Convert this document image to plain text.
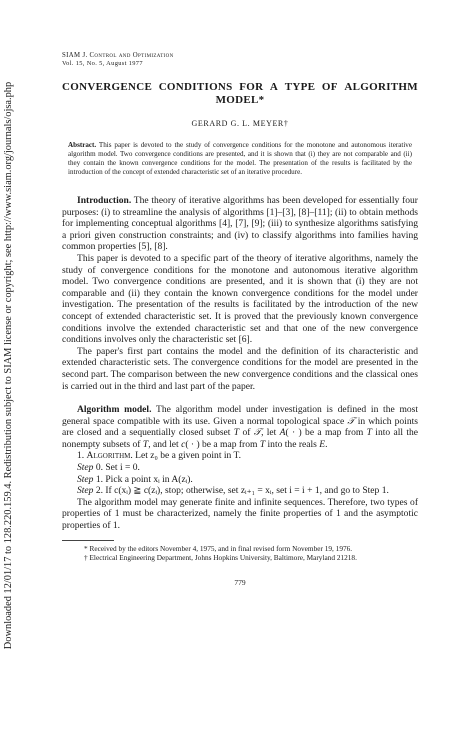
Downloaded 12/01/17 to 128.220.159.4. Redistribution subject to SIAM license or copyright; see http://www.siam.org/journals/ojsa.php
SIAM J. Control and Optimization
Vol. 15, No. 5, August 1977
CONVERGENCE CONDITIONS FOR A TYPE OF ALGORITHM
MODEL*
GERARD G. L. MEYER†
Abstract. This paper is devoted to the study of convergence conditions for the monotone and autonomous iterative algorithm model. Two convergence conditions are presented, and it is shown that (i) they are not comparable and (ii) they contain the known convergence conditions for the model. The presentation of the results is facilitated by the introduction of the concept of extended characteristic set of an iterative procedure.

Introduction. The theory of iterative algorithms has been developed for essentially four purposes: (i) to streamline the analysis of algorithms [1]–[3], [8]–[11]; (ii) to obtain methods for implementing conceptual algorithms [4], [7], [9]; (iii) to synthesize algorithms satisfying a priori given construction constraints; and (iv) to classify algorithms into families having common properties [5], [8].

This paper is devoted to a specific part of the theory of iterative algorithms, namely the study of convergence conditions for the monotone and autonomous iterative algorithm model. Two convergence conditions are presented, and it is shown that (i) they are not comparable and (ii) they contain the known convergence conditions for the model under investigation. The presentation of the results is facilitated by the introduction of the new concept of extended characteristic set. It is proved that the previously known convergence conditions involve the extended characteristic set and that one of the new convergence conditions involves only the characteristic set [6].

The paper's first part contains the model and the definition of its characteristic and extended characteristic sets. The convergence conditions for the model are presented in the second part. The comparison between the new convergence conditions and the classical ones is carried out in the third and last part of the paper.

Algorithm model. The algorithm model under investigation is defined in the most general space compatible with its use. Given a normal topological space 𝒯 in which points are closed and a sequentially closed subset T of 𝒯, let A( · ) be a map from T into all the nonempty subsets of T, and let c( · ) be a map from T into the reals E.

1. Algorithm. Let z₀ be a given point in T.

Step 0. Set i = 0.

Step 1. Pick a point xᵢ in A(zᵢ).

Step 2. If c(xᵢ) ≧ c(zᵢ), stop; otherwise, set zᵢ₊₁ = xᵢ, set i = i + 1, and go to Step 1.

The algorithm model may generate finite and infinite sequences. Therefore, two types of properties of 1 must be characterized, namely the finite properties of 1 and the asymptotic properties of 1.

* Received by the editors November 4, 1975, and in final revised form November 19, 1976.
† Electrical Engineering Department, Johns Hopkins University, Baltimore, Maryland 21218.
779
